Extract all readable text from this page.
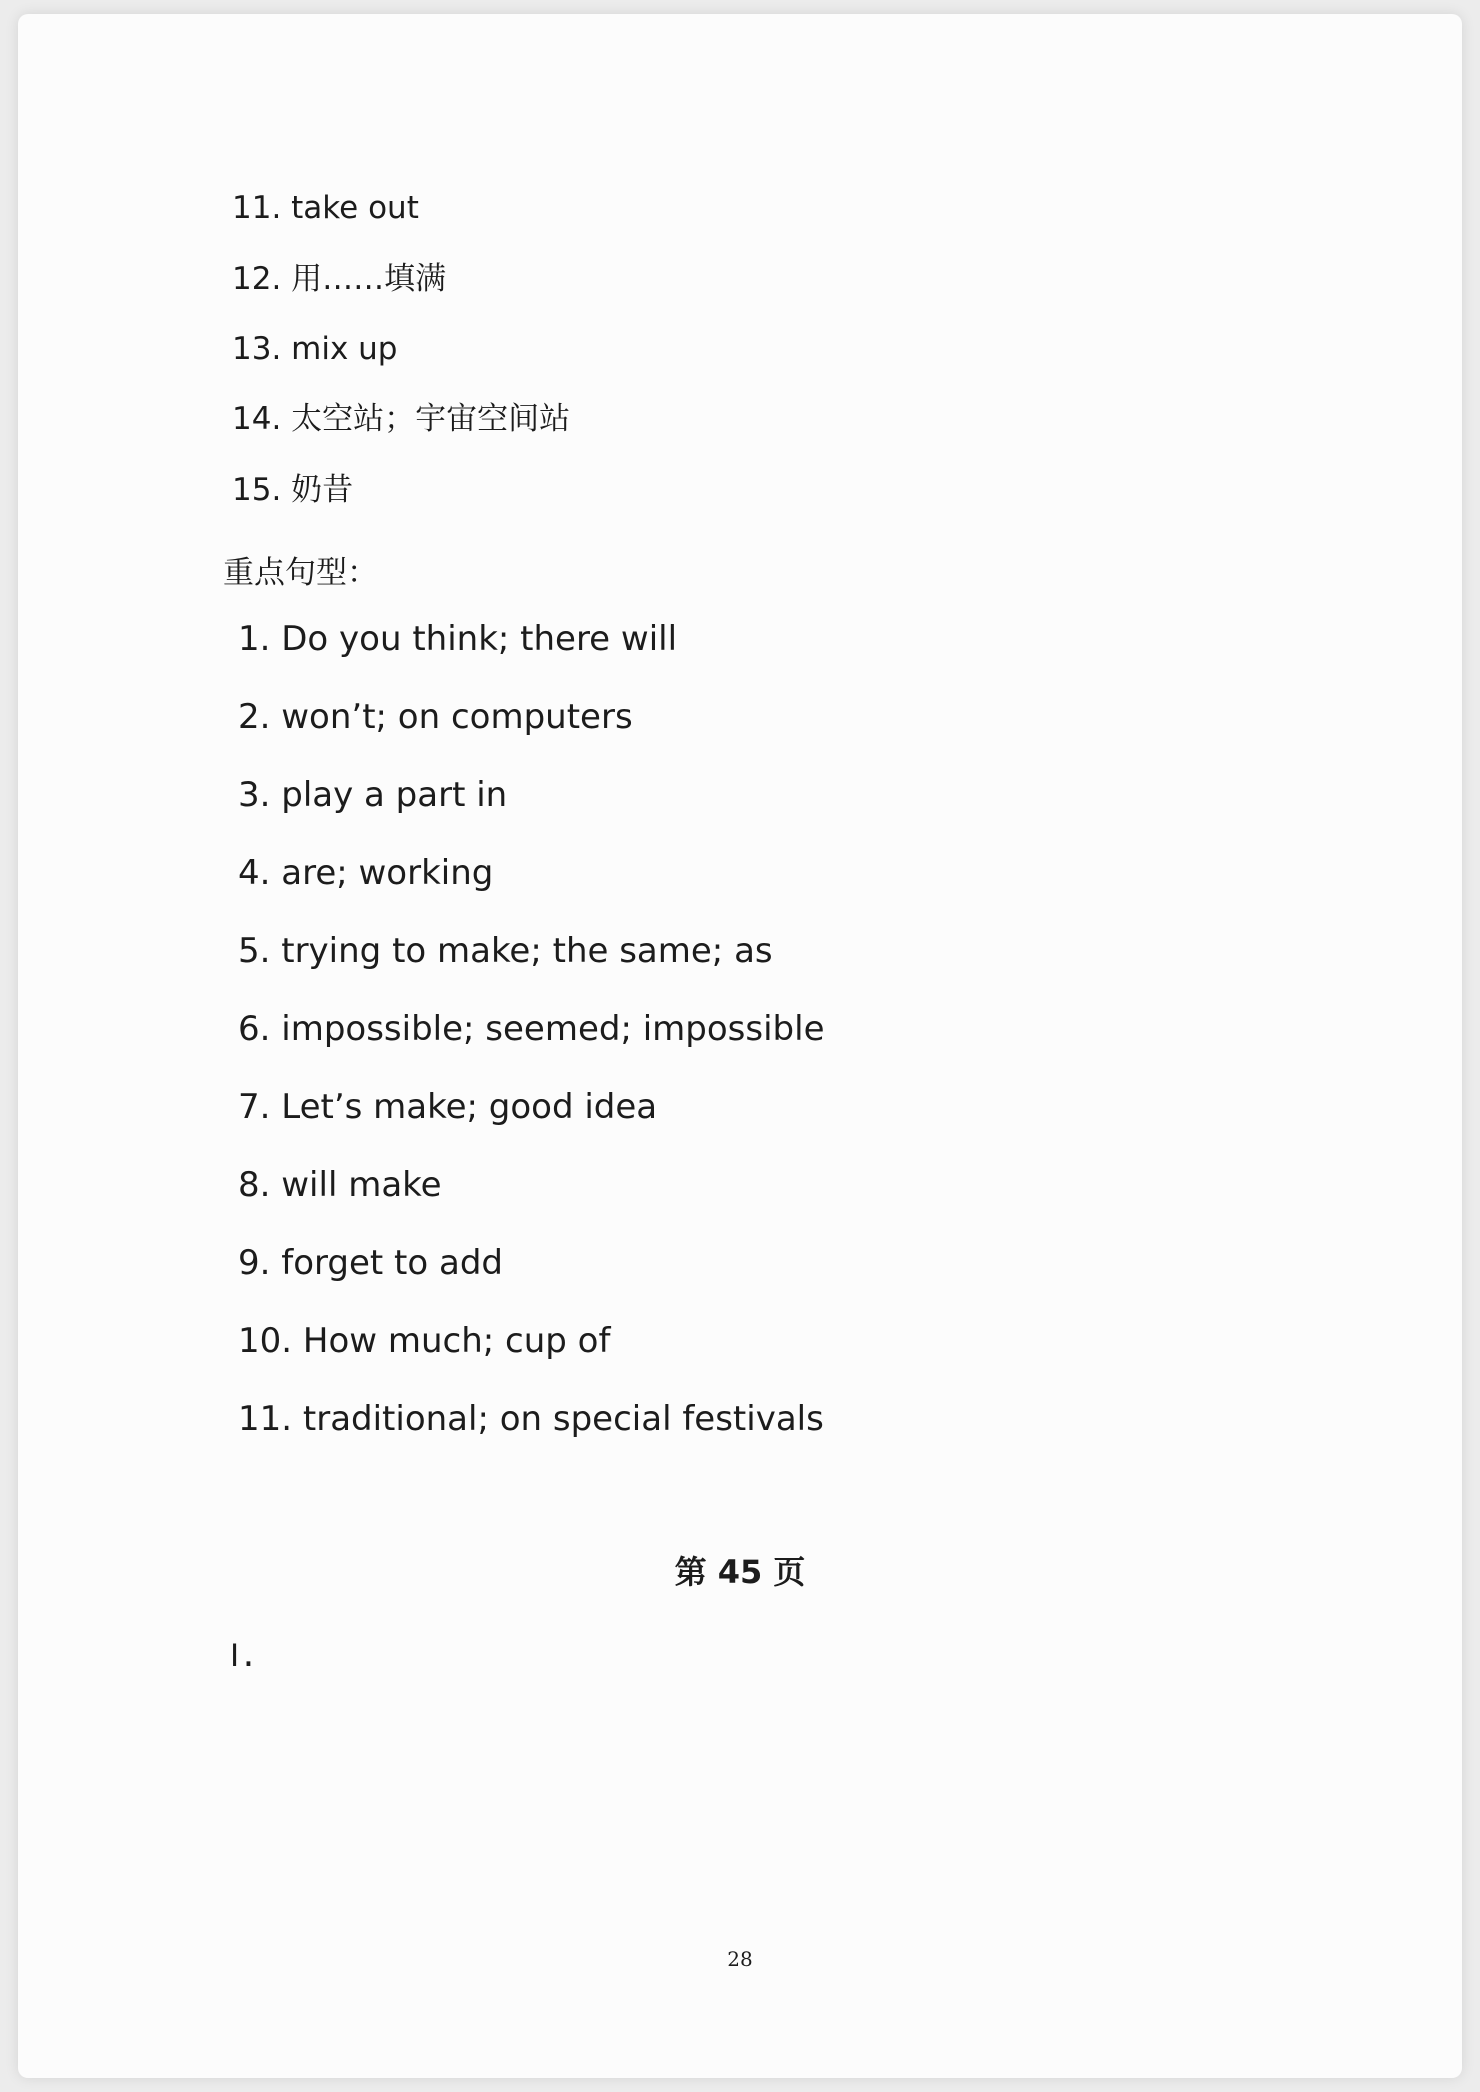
11. take out
12. 用……填满
13. mix up
14. 太空站；宇宙空间站
15. 奶昔
重点句型：
1. Do you think; there will
2. won’t; on computers
3. play a part in
4. are; working
5. trying to make; the same; as
6. impossible; seemed; impossible
7. Let’s make; good idea
8. will make
9. forget to add
10. How much; cup of
11. traditional; on special festivals
第 45 页
Ⅰ.
28
